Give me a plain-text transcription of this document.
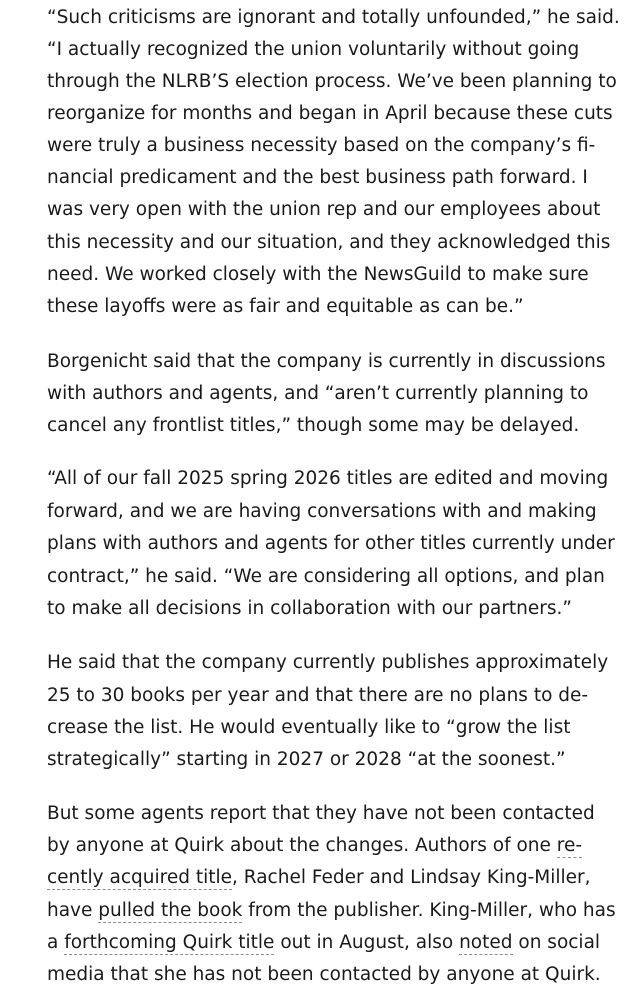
“Such criticisms are ignorant and totally unfounded,” he said.
“I actually recognized the union voluntarily without going
through the NLRB’S election process. We’ve been planning to
reorganize for months and began in April because these cuts
were truly a business necessity based on the company’s fi-
nancial predicament and the best business path forward. I
was very open with the union rep and our employees about
this necessity and our situation, and they acknowledged this
need. We worked closely with the NewsGuild to make sure
these layoffs were as fair and equitable as can be.”
Borgenicht said that the company is currently in discussions
with authors and agents, and “aren’t currently planning to
cancel any frontlist titles,” though some may be delayed.
“All of our fall 2025 spring 2026 titles are edited and moving
forward, and we are having conversations with and making
plans with authors and agents for other titles currently under
contract,” he said. “We are considering all options, and plan
to make all decisions in collaboration with our partners.”
He said that the company currently publishes approximately
25 to 30 books per year and that there are no plans to de-
crease the list. He would eventually like to “grow the list
strategically” starting in 2027 or 2028 “at the soonest.”
But some agents report that they have not been contacted
by anyone at Quirk about the changes. Authors of one re-
cently acquired title, Rachel Feder and Lindsay King-Miller,
have pulled the book from the publisher. King-Miller, who has
a forthcoming Quirk title out in August, also noted on social
media that she has not been contacted by anyone at Quirk.
